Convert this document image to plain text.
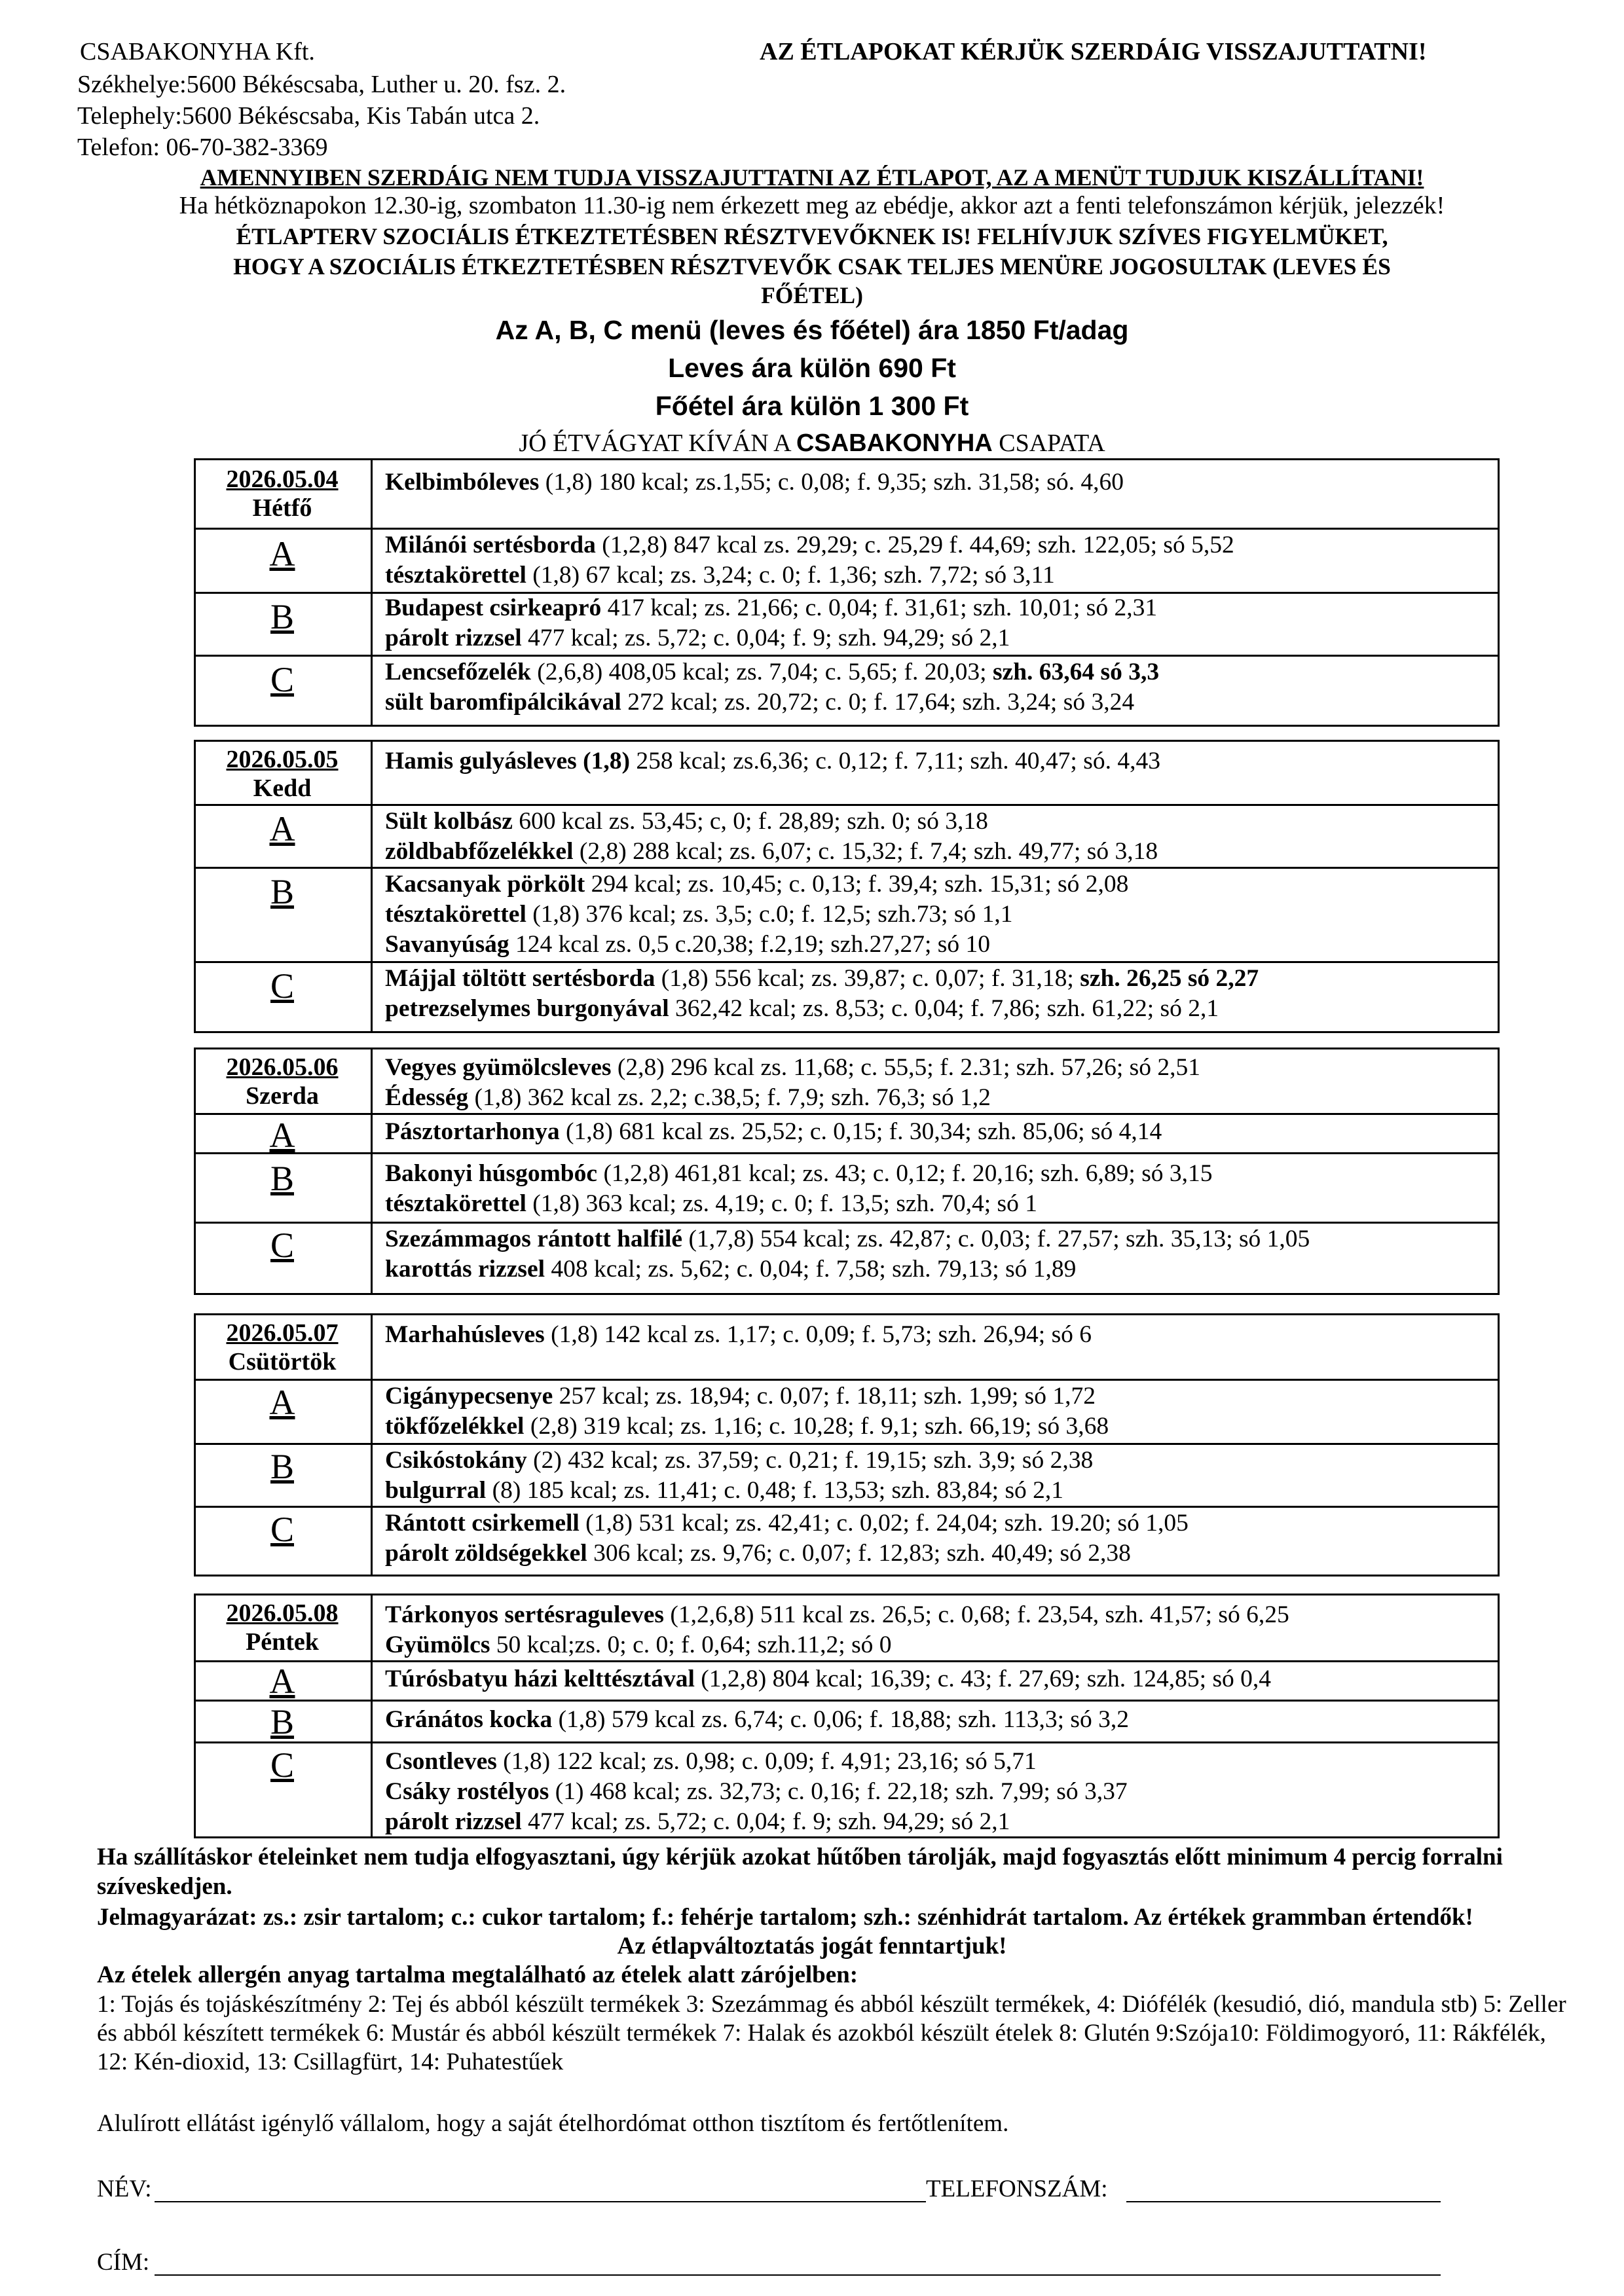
CSABAKONYHA Kft.	AZ ÉTLAPOKAT KÉRJÜK SZERDÁIG VISSZAJUTTATNI!
Székhelye:5600 Békéscsaba, Luther u. 20. fsz. 2.
Telephely:5600 Békéscsaba, Kis Tabán utca 2.
Telefon: 06-70-382-3369
AMENNYIBEN SZERDÁIG NEM TUDJA VISSZAJUTTATNI AZ ÉTLAPOT, AZ A MENÜT TUDJUK KISZÁLLÍTANI!
Ha hétköznapokon 12.30-ig, szombaton 11.30-ig nem érkezett meg az ebédje, akkor azt a fenti telefonszámon kérjük, jelezzék!
ÉTLAPTERV SZOCIÁLIS ÉTKEZTETÉSBEN RÉSZTVEVŐKNEK IS! FELHÍVJUK SZÍVES FIGYELMÜKET,
HOGY A SZOCIÁLIS ÉTKEZTETÉSBEN RÉSZTVEVŐK CSAK TELJES MENÜRE JOGOSULTAK (LEVES ÉS
FŐÉTEL)
Az A, B, C menü (leves és főétel) ára 1850 Ft/adag
Leves ára külön 690 Ft
Főétel ára külön 1 300 Ft
JÓ ÉTVÁGYAT KÍVÁN A CSABAKONYHA CSAPATA
2026.05.04
Hétfő
A
B
C
Kelbimbóleves (1,8) 180 kcal; zs.1,55; c. 0,08; f. 9,35; szh. 31,58; só. 4,60
Milánói sertésborda (1,2,8) 847 kcal zs. 29,29; c. 25,29 f. 44,69; szh. 122,05; só 5,52
tésztakörettel (1,8) 67 kcal; zs. 3,24; c. 0; f. 1,36; szh. 7,72; só 3,11
Budapest csirkeapró 417 kcal; zs. 21,66; c. 0,04; f. 31,61; szh. 10,01; só 2,31
párolt rizzsel 477 kcal; zs. 5,72; c. 0,04; f. 9; szh. 94,29; só 2,1
Lencsefőzelék (2,6,8) 408,05 kcal; zs. 7,04; c. 5,65; f. 20,03; szh. 63,64 só 3,3
sült baromfipálcikával 272 kcal; zs. 20,72; c. 0; f. 17,64; szh. 3,24; só 3,24
2026.05.05
Kedd
A
B
C
Hamis gulyásleves (1,8) 258 kcal; zs.6,36; c. 0,12; f. 7,11; szh. 40,47; só. 4,43
Sült kolbász 600 kcal zs. 53,45; c, 0; f. 28,89; szh. 0; só 3,18
zöldbabfőzelékkel (2,8) 288 kcal; zs. 6,07; c. 15,32; f. 7,4; szh. 49,77; só 3,18
Kacsanyak pörkölt 294 kcal; zs. 10,45; c. 0,13; f. 39,4; szh. 15,31; só 2,08
tésztakörettel (1,8) 376 kcal; zs. 3,5; c.0; f. 12,5; szh.73; só 1,1
Savanyúság 124 kcal zs. 0,5 c.20,38; f.2,19; szh.27,27; só 10
Májjal töltött sertésborda (1,8) 556 kcal; zs. 39,87; c. 0,07; f. 31,18; szh. 26,25 só 2,27
petrezselymes burgonyával 362,42 kcal; zs. 8,53; c. 0,04; f. 7,86; szh. 61,22; só 2,1
2026.05.06
Szerda
A
B
C
Vegyes gyümölcsleves (2,8) 296 kcal zs. 11,68; c. 55,5; f. 2.31; szh. 57,26; só 2,51
Édesség (1,8) 362 kcal zs. 2,2; c.38,5; f. 7,9; szh. 76,3; só 1,2
Pásztortarhonya (1,8) 681 kcal zs. 25,52; c. 0,15; f. 30,34; szh. 85,06; só 4,14
Bakonyi húsgombóc (1,2,8) 461,81 kcal; zs. 43; c. 0,12; f. 20,16; szh. 6,89; só 3,15
tésztakörettel (1,8) 363 kcal; zs. 4,19; c. 0; f. 13,5; szh. 70,4; só 1
Szezámmagos rántott halfilé (1,7,8) 554 kcal; zs. 42,87; c. 0,03; f. 27,57; szh. 35,13; só 1,05
karottás rizzsel 408 kcal; zs. 5,62; c. 0,04; f. 7,58; szh. 79,13; só 1,89
2026.05.07
Csütörtök
A
B
C
Marhahúsleves (1,8) 142 kcal zs. 1,17; c. 0,09; f. 5,73; szh. 26,94; só 6
Cigánypecsenye 257 kcal; zs. 18,94; c. 0,07; f. 18,11; szh. 1,99; só 1,72
tökfőzelékkel (2,8) 319 kcal; zs. 1,16; c. 10,28; f. 9,1; szh. 66,19; só 3,68
Csikóstokány (2) 432 kcal; zs. 37,59; c. 0,21; f. 19,15; szh. 3,9; só 2,38
bulgurral (8) 185 kcal; zs. 11,41; c. 0,48; f. 13,53; szh. 83,84; só 2,1
Rántott csirkemell (1,8) 531 kcal; zs. 42,41; c. 0,02; f. 24,04; szh. 19.20; só 1,05
párolt zöldségekkel 306 kcal; zs. 9,76; c. 0,07; f. 12,83; szh. 40,49; só 2,38
2026.05.08
Péntek
A
B
C
Tárkonyos sertésraguleves (1,2,6,8) 511 kcal zs. 26,5; c. 0,68; f. 23,54, szh. 41,57; só 6,25
Gyümölcs 50 kcal;zs. 0; c. 0; f. 0,64; szh.11,2; só 0
Túrósbatyu házi kelttésztával (1,2,8) 804 kcal; 16,39; c. 43; f. 27,69; szh. 124,85; só 0,4
Gránátos kocka (1,8) 579 kcal zs. 6,74; c. 0,06; f. 18,88; szh. 113,3; só 3,2
Csontleves (1,8) 122 kcal; zs. 0,98; c. 0,09; f. 4,91; 23,16; só 5,71
Csáky rostélyos (1) 468 kcal; zs. 32,73; c. 0,16; f. 22,18; szh. 7,99; só 3,37
párolt rizzsel 477 kcal; zs. 5,72; c. 0,04; f. 9; szh. 94,29; só 2,1
Ha szállításkor ételeinket nem tudja elfogyasztani, úgy kérjük azokat hűtőben tárolják, majd fogyasztás előtt minimum 4 percig forralni szíveskedjen.
Jelmagyarázat: zs.: zsir tartalom; c.: cukor tartalom; f.: fehérje tartalom; szh.: szénhidrát tartalom. Az értékek grammban értendők!
Az étlapváltoztatás jogát fenntartjuk!
Az ételek allergén anyag tartalma megtalálható az ételek alatt zárójelben:
1: Tojás és tojáskészítmény 2: Tej és abból készült termékek 3: Szezámmag és abból készült termékek, 4: Diófélék (kesudió, dió, mandula stb) 5: Zeller és abból készített termékek 6: Mustár és abból készült termékek 7: Halak és azokból készült ételek 8: Glutén 9:Szója10: Földimogyoró, 11: Rákfélék, 12: Kén-dioxid, 13: Csillagfürt, 14: Puhatestűek
Alulírott ellátást igénylő vállalom, hogy a saját ételhordómat otthon tisztítom és fertőtlenítem.
NÉV:	TELEFONSZÁM:
CÍM:
